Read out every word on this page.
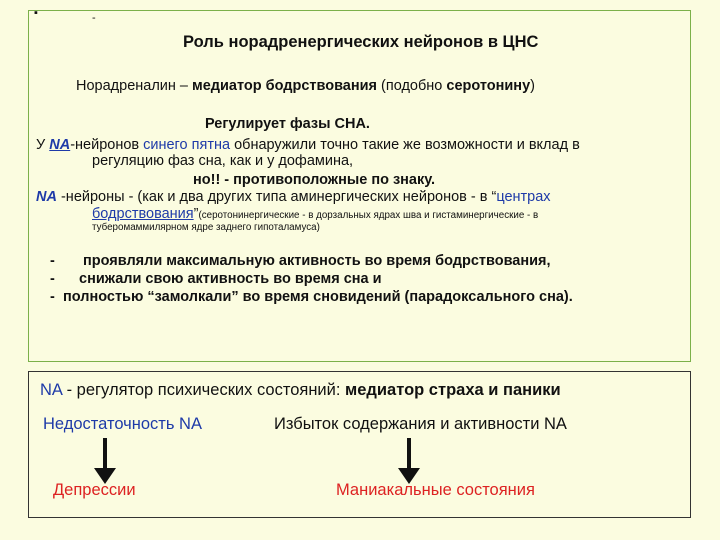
▪	-
Роль норадренергических нейронов в ЦНС
Норадреналин – медиатор бодрствования (подобно серотонину)
Регулирует фазы СНА.
У NA-нейронов синего пятна обнаружили точно такие же возможности и вклад в
регуляцию фаз сна, как и у дофамина,
но!! - противоположные по знаку.
NA -нейроны - (как и два других типа аминергических нейронов - в “центрах
бодрствования”(серотонинергические - в дорзальных ядрах шва и гистаминергические - в
туберомаммилярном ядре заднего гипоталамуса)
- проявляли максимальную активность во время бодрствования,
- снижали свою активность во время сна и
- полностью “замолкали” во время сновидений (парадоксального сна).
NA - регулятор психических состояний: медиатор страха и паники
Недостаточность NA	Избыток содержания и активности NA
Депрессии	Маниакальные состояния
